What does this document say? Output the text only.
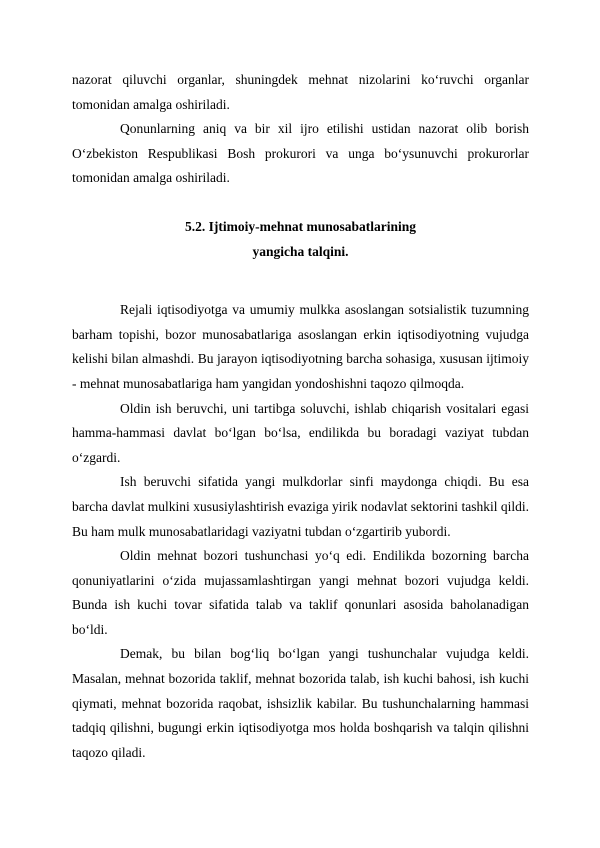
nazorat qiluvchi organlar, shuningdek mehnat nizolarini ko‘ruvchi organlar tomonidan amalga oshiriladi.

Qonunlarning aniq va bir xil ijro etilishi ustidan nazorat olib borish O‘zbekiston Respublikasi Bosh prokurori va unga bo‘ysunuvchi prokurorlar tomonidan amalga oshiriladi.

5.2. Ijtimoiy-mehnat munosabatlarining
yangicha talqini.

Rejali iqtisodiyotga va umumiy mulkka asoslangan sotsialistik tuzumning barham topishi, bozor munosabatlariga asoslangan erkin iqtisodiyotning vujudga kelishi bilan almashdi. Bu jarayon iqtisodiyotning barcha sohasiga, xususan ijtimoiy - mehnat munosabatlariga ham yangidan yondoshishni taqozo qilmoqda.

Oldin ish beruvchi, uni tartibga soluvchi, ishlab chiqarish vositalari egasi hamma-hammasi davlat bo‘lgan bo‘lsa, endilikda bu boradagi vaziyat tubdan o‘zgardi.

Ish beruvchi sifatida yangi mulkdorlar sinfi maydonga chiqdi. Bu esa barcha davlat mulkini xususiylashtirish evaziga yirik nodavlat sektorini tashkil qildi. Bu ham mulk munosabatlaridagi vaziyatni tubdan o‘zgartirib yubordi.

Oldin mehnat bozori tushunchasi yo‘q edi. Endilikda bozorning barcha qonuniyatlarini o‘zida mujassamlashtirgan yangi mehnat bozori vujudga keldi. Bunda ish kuchi tovar sifatida talab va taklif qonunlari asosida baholanadigan bo‘ldi.

Demak, bu bilan bog‘liq bo‘lgan yangi tushunchalar vujudga keldi. Masalan, mehnat bozorida taklif, mehnat bozorida talab, ish kuchi bahosi, ish kuchi qiymati, mehnat bozorida raqobat, ishsizlik kabilar. Bu tushunchalarning hammasi tadqiq qilishni, bugungi erkin iqtisodiyotga mos holda boshqarish va talqin qilishni taqozo qiladi.
